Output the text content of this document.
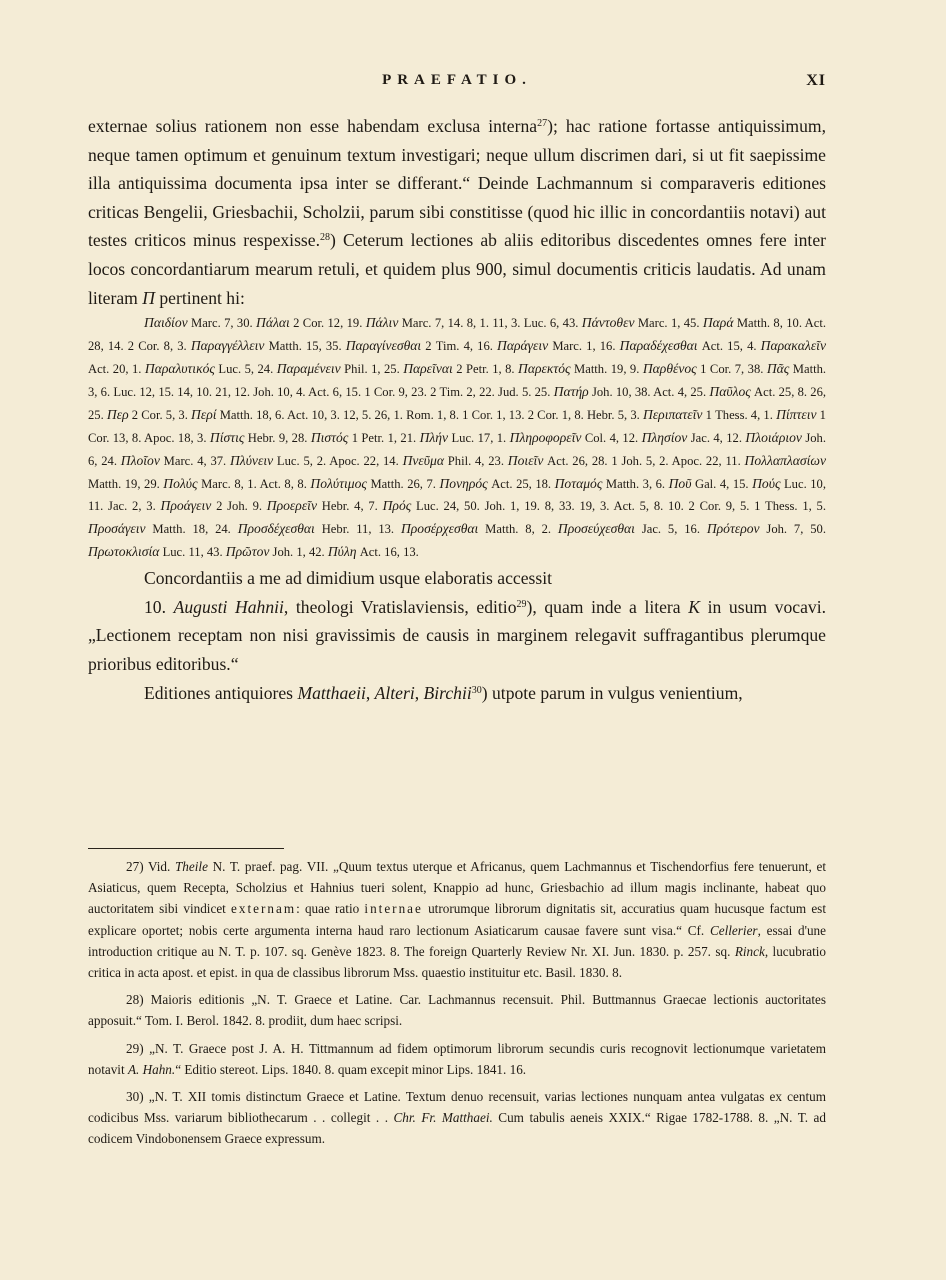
PRAEFATIO.	XI

externae solius rationem non esse habendam exclusa interna$^{27}$); hac ratione fortasse antiquissimum, neque tamen optimum et genuinum textum investigari; neque ullum discrimen dari, si ut fit saepissime illa antiquissima documenta ipsa inter se differant.“ Deinde Lachmannum si comparaveris editiones criticas Bengelii, Griesbachii, Scholzii, parum sibi constitisse (quod hic illic in concordantiis notavi) aut testes criticos minus respexisse.$^{28}$) Ceterum lectiones ab aliis editoribus discedentes omnes fere inter locos concordantiarum mearum retuli, et quidem plus 900, simul documentis criticis laudatis. Ad unam literam Π pertinent hi:

Παιδίον Marc. 7, 30. Πάλαι 2 Cor. 12, 19. Πάλιν Marc. 7, 14. 8, 1. 11, 3. Luc. 6, 43. Πάντοθεν Marc. 1, 45. Παρά Matth. 8, 10. Act. 28, 14. 2 Cor. 8, 3. Παραγγέλλειν Matth. 15, 35. Παραγίνεσθαι 2 Tim. 4, 16. Παράγειν Marc. 1, 16. Παραδέχεσθαι Act. 15, 4. Παρακαλεῖν Act. 20, 1. Παραλυτικός Luc. 5, 24. Παραμένειν Phil. 1, 25. Παρεῖναι 2 Petr. 1, 8. Παρεκτός Matth. 19, 9. Παρθένος 1 Cor. 7, 38. Πᾶς Matth. 3, 6. Luc. 12, 15. 14, 10. 21, 12. Joh. 10, 4. Act. 6, 15. 1 Cor. 9, 23. 2 Tim. 2, 22. Jud. 5. 25. Πατήρ Joh. 10, 38. Act. 4, 25. Παῦλος Act. 25, 8. 26, 25. Περ 2 Cor. 5, 3. Περί Matth. 18, 6. Act. 10, 3. 12, 5. 26, 1. Rom. 1, 8. 1 Cor. 1, 13. 2 Cor. 1, 8. Hebr. 5, 3. Περιπατεῖν 1 Thess. 4, 1. Πίπτειν 1 Cor. 13, 8. Apoc. 18, 3. Πίστις Hebr. 9, 28. Πιστός 1 Petr. 1, 21. Πλήν Luc. 17, 1. Πληροφορεῖν Col. 4, 12. Πλησίον Jac. 4, 12. Πλοιάριον Joh. 6, 24. Πλοῖον Marc. 4, 37. Πλύνειν Luc. 5, 2. Apoc. 22, 14. Πνεῦμα Phil. 4, 23. Ποιεῖν Act. 26, 28. 1 Joh. 5, 2. Apoc. 22, 11. Πολλαπλασίων Matth. 19, 29. Πολύς Marc. 8, 1. Act. 8, 8. Πολύτιμος Matth. 26, 7. Πονηρός Act. 25, 18. Ποταμός Matth. 3, 6. Ποῦ Gal. 4, 15. Πούς Luc. 10, 11. Jac. 2, 3. Προάγειν 2 Joh. 9. Προερεῖν Hebr. 4, 7. Πρός Luc. 24, 50. Joh. 1, 19. 8, 33. 19, 3. Act. 5, 8. 10. 2 Cor. 9, 5. 1 Thess. 1, 5. Προσάγειν Matth. 18, 24. Προσδέχεσθαι Hebr. 11, 13. Προσέρχεσθαι Matth. 8, 2. Προσεύχεσθαι Jac. 5, 16. Πρότερον Joh. 7, 50. Πρωτοκλισία Luc. 11, 43. Πρῶτον Joh. 1, 42. Πύλη Act. 16, 13.

Concordantiis a me ad dimidium usque elaboratis accessit

10. Augusti Hahnii, theologi Vratislaviensis, editio$^{29}$), quam inde a litera K in usum vocavi. „Lectionem receptam non nisi gravissimis de causis in marginem relegavit suffragantibus plerumque prioribus editoribus.“

Editiones antiquiores Matthaeii, Alteri, Birchii$^{30}$) utpote parum in vulgus venientium,

27) Vid. Theile N. T. praef. pag. VII. „Quum textus uterque et Africanus, quem Lachmannus et Tischendorfius fere tenuerunt, et Asiaticus, quem Recepta, Scholzius et Hahnius tueri solent, Knappio ad hunc, Griesbachio ad illum magis inclinante, habeat quo auctoritatem sibi vindicet externam: quae ratio internae utrorumque librorum dignitatis sit, accuratius quam hucusque factum est explicare oportet; nobis certe argumenta interna haud raro lectionum Asiaticarum causae favere sunt visa.“ Cf. Cellerier, essai d'une introduction critique au N. T. p. 107. sq. Genève 1823. 8. The foreign Quarterly Review Nr. XI. Jun. 1830. p. 257. sq. Rinck, lucubratio critica in acta apost. et epist. in qua de classibus librorum Mss. quaestio instituitur etc. Basil. 1830. 8.

28) Maioris editionis „N. T. Graece et Latine. Car. Lachmannus recensuit. Phil. Buttmannus Graecae lectionis auctoritates apposuit.“ Tom. I. Berol. 1842. 8. prodiit, dum haec scripsi.

29) „N. T. Graece post J. A. H. Tittmannum ad fidem optimorum librorum secundis curis recognovit lectionumque varietatem notavit A. Hahn.“ Editio stereot. Lips. 1840. 8. quam excepit minor Lips. 1841. 16.

30) „N. T. XII tomis distinctum Graece et Latine. Textum denuo recensuit, varias lectiones nunquam antea vulgatas ex centum codicibus Mss. variarum bibliothecarum . . collegit . . Chr. Fr. Matthaei. Cum tabulis aeneis XXIX.“ Rigae 1782-1788. 8. „N. T. ad codicem Vindobonensem Graece expressum.
